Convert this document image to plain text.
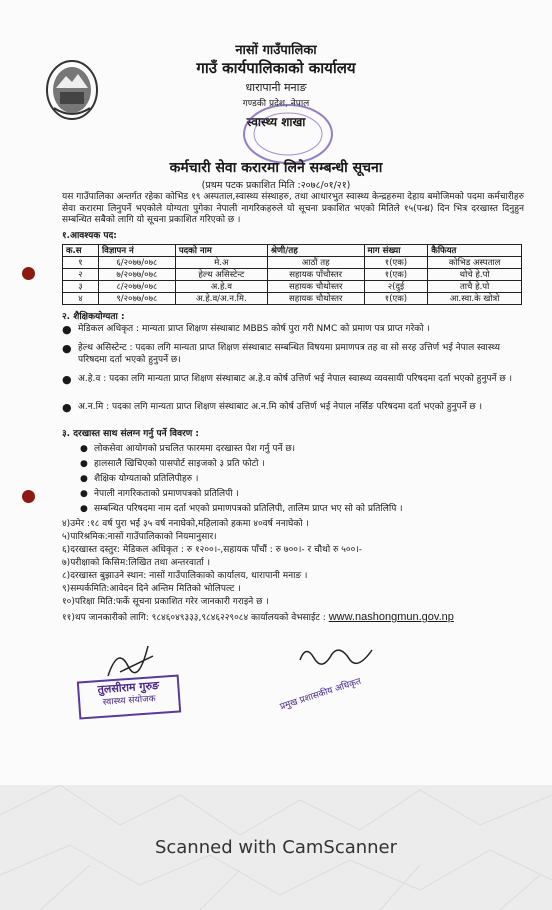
नासों गाउँपालिका
गाउँ कार्यपालिकाको कार्यालय
धारापानी मनाङ
गण्डकी प्रदेश, नेपाल
स्वास्थ्य शाखा
कर्मचारी सेवा करारमा लिने सम्बन्धी सूचना
(प्रथम पटक प्रकाशित मिति :२०७८/०१/२१)
यस गाउँपालिका अन्तर्गत रहेका कोभिड १९ अस्पताल,स्वास्थ्य संस्थाहरु, तथा आधारभुत स्वास्थ्य केन्द्रहरुमा देहाय बमोजिमको पदमा कर्मचारीहरु सेवा करारमा लिनुपर्ने भएकोले योग्यता पुगेका नेपाली नागरिकहरुले यो सूचना प्रकाशित भएको मितिले १५(पन्ध्र) दिन भित्र दरखास्त दिनुहुन सम्बन्धित सबैको लागि यो सूचना प्रकाशित गरिएको छ ।
१.आवश्यक पद:
क.स	विज्ञापन नं	पदको नाम	श्रेणी/तह	माग संख्या	कैफियत
१	६/२०७७/०७८	मे.अ	आठौं तह	१(एक)	कोभिड अस्पताल
२	७/२०७७/०७८	हेल्थ असिस्टेन्ट	सहायक पाँचौस्तर	१(एक)	थोचे हे.पो
३	८/२०७७/०७८	अ.हे.व	सहायक चौथोस्तर	२(दुई	ताचै हे.पो
४	९/२०७७/०७८	अ.हे.व/अ.न.मि.	सहायक चौथोस्तर	१(एक)	आ.स्वा.के खोत्रो
२. शैक्षिकयोग्यता :
● मेडिकल अधिकृत : मान्यता प्राप्त शिक्षण संस्थाबाट MBBS कोर्ष पुरा गरी NMC को प्रमाण पत्र प्राप्त गरेको ।
● हेल्थ असिस्टेन्ट : पदका लगि मान्यता प्राप्त शिक्षण संस्थाबाट सम्बन्धित विषयमा प्रमाणपत्र तह वा सो सरह उत्तिर्ण भई नेपाल स्वास्थ्य परिषदमा दर्ता भएको हुनुपर्ने छ।
● अ.हे.व : पदका लगि मान्यता प्राप्त शिक्षण संस्थाबाट अ.हे.व कोर्ष उत्तिर्ण भई नेपाल स्वास्थ्य व्यवसायी परिषदमा दर्ता भएको हुनुपर्ने छ ।
● अ.न.मि : पदका लगि मान्यता प्राप्त शिक्षण संस्थाबाट अ.न.मि कोर्ष उत्तिर्ण भई नेपाल नर्सिङ परिषदमा दर्ता भएको हुनुपर्ने छ ।
३. दरखास्त साथ संलग्न गर्नु पर्ने विवरण :
● लोकसेवा आयोगको प्रचलित फारममा दरखास्त पेश गर्नु पर्ने छ।
● हालसालै खिचिएको पासपोर्ट साइजको ३ प्रति फोटो ।
● शैक्षिक योग्यताको प्रतिलिपीहरु ।
● नेपाली नागरिकताको प्रमाणपत्रको प्रतिलिपी ।
● सम्बन्धित परिषदमा नाम दर्ता भएको प्रमाणपत्रको प्रतिलिपी, तालिम प्राप्त भए सो को प्रतिलिपि ।
४)उमेर :१८ वर्ष पुरा भई ३५ वर्ष ननाघेको,महिलाको हकमा ४०वर्ष ननाघेको ।
५)पारिश्रमिक:नासों गाउँपालिकाको नियमानुसार।
६)दरखास्त दस्तुर: मेडिकल अधिकृत : रु १२००।-,सहायक पाँचौं : रु ७००।- र चौथो रु ५००।-
७)परीक्षाको किसिम:लिखित तथा अन्तरवार्ता ।
८)दरखास्त बुझाउने स्थान: नासों गाउँपालिकाको कार्यालय, धारापानी मनाङ ।
९)सम्पर्कमिति:आवेदन दिने अन्तिम मितिको भोलिपल्ट ।
१०)परिक्षा मिति:फर्के सूचना प्रकाशित गरेर जानकारी गराइने छ ।
११)थप जानकारीको लागि: ९८४६०४९३३३,९८४६२२९०८४ कार्यालयको वेभसाईट : www.nashongmun.gov.np
तुलसीराम गुरुङ
स्वास्थ्य संयोजक	प्रमुख प्रशासकीय अधिकृत
Scanned with CamScanner
